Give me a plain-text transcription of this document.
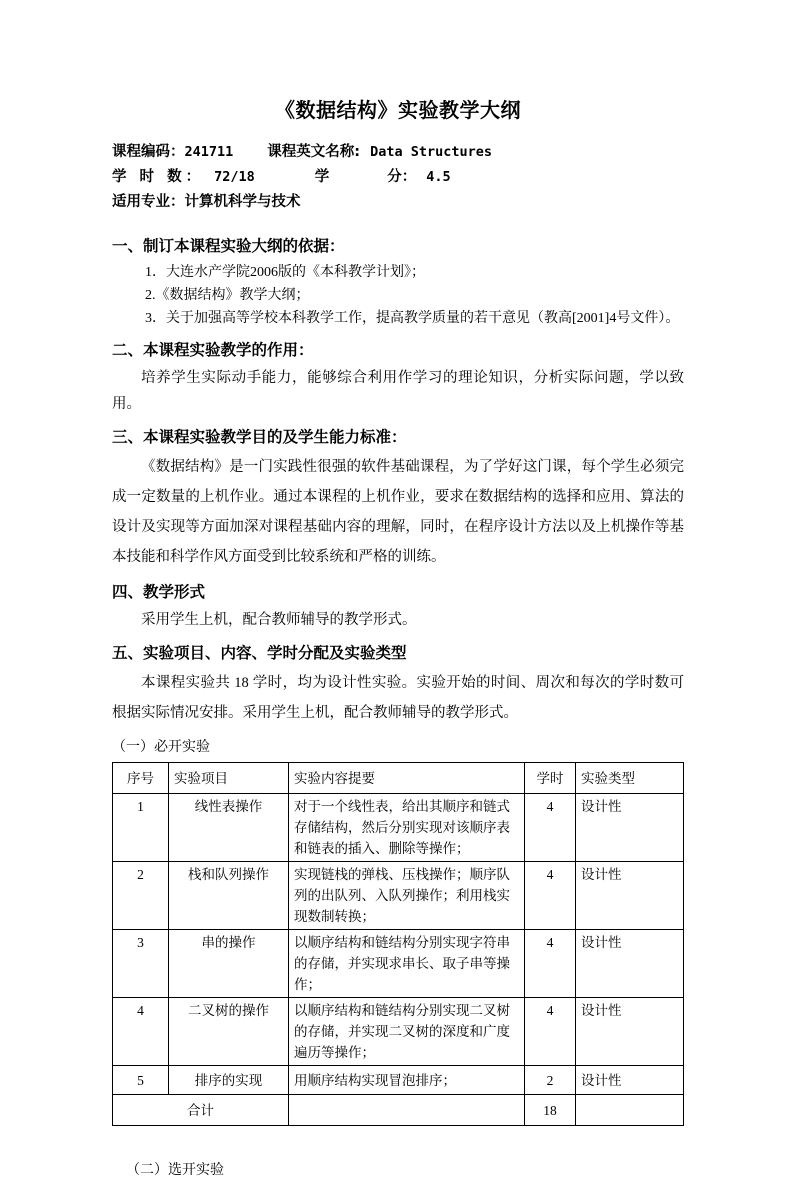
《数据结构》实验教学大纲
课程编码：241711 课程英文名称: Data Structures
学 时 数： 72/18	学	分： 4.5
适用专业：计算机科学与技术
一、制订本课程实验大纲的依据：
1．大连水产学院2006版的《本科教学计划》；
2.《数据结构》教学大纲；
3．关于加强高等学校本科教学工作，提高教学质量的若干意见（教高[2001]4号文件）。
二、本课程实验教学的作用：

培养学生实际动手能力，能够综合利用作学习的理论知识，分析实际问题，学以致用。

三、本课程实验教学目的及学生能力标准：

《数据结构》是一门实践性很强的软件基础课程，为了学好这门课，每个学生必须完成一定数量的上机作业。通过本课程的上机作业，要求在数据结构的选择和应用、算法的设计及实现等方面加深对课程基础内容的理解，同时，在程序设计方法以及上机操作等基本技能和科学作风方面受到比较系统和严格的训练。

四、教学形式

采用学生上机，配合教师辅导的教学形式。

五、实验项目、内容、学时分配及实验类型

本课程实验共 18 学时，均为设计性实验。实验开始的时间、周次和每次的学时数可根据实际情况安排。采用学生上机，配合教师辅导的教学形式。

（一）必开实验
序号	实验项目	实验内容提要	学时	实验类型
1	线性表操作	对于一个线性表，给出其顺序和链式存储结构，然后分别实现对该顺序表和链表的插入、删除等操作；	4	设计性
2	栈和队列操作	实现链栈的弹栈、压栈操作；顺序队列的出队列、入队列操作；利用栈实现数制转换；	4	设计性
3	串的操作	以顺序结构和链结构分别实现字符串的存储，并实现求串长、取子串等操作；	4	设计性
4	二叉树的操作	以顺序结构和链结构分别实现二叉树的存储，并实现二叉树的深度和广度遍历等操作；	4	设计性
5	排序的实现	用顺序结构实现冒泡排序；	2	设计性
合计			18	
（二）选开实验
